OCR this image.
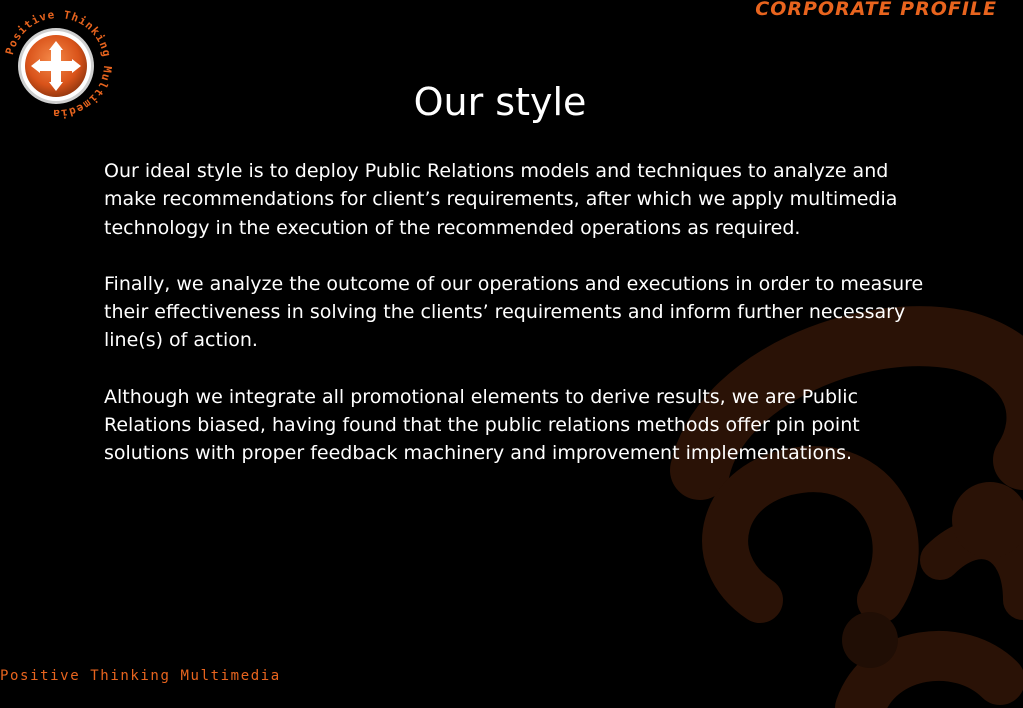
Positive Thinking Multimedia
CORPORATE PROFILE
Our style

Our ideal style is to deploy Public Relations models and techniques to analyze and make recommendations for client’s requirements, after which we apply multimedia technology in the execution of the recommended operations as required.

Finally, we analyze the outcome of our operations and executions in order to measure their effectiveness in solving the clients’ requirements and inform further necessary line(s) of action.

Although we integrate all promotional elements to derive results, we are Public Relations biased, having found that the public relations methods offer pin point solutions with proper feedback machinery and improvement implementations.

Positive Thinking Multimedia
